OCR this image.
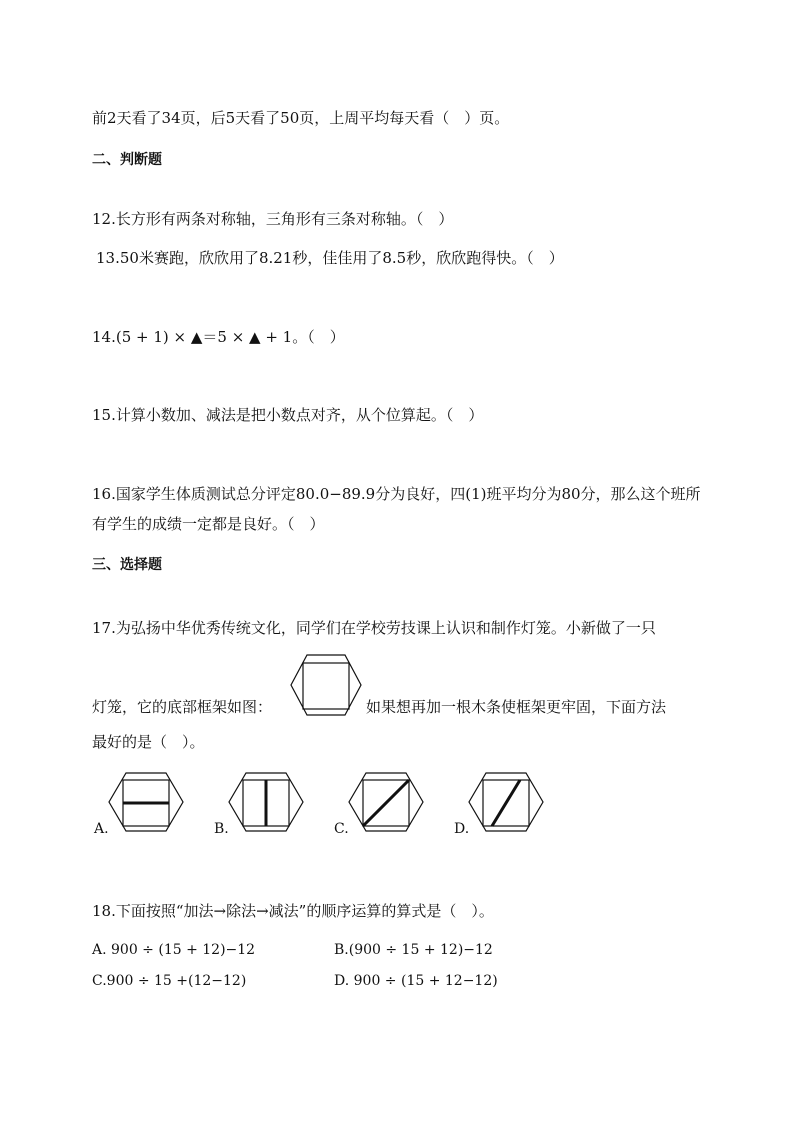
前2天看了34页，后5天看了50页，上周平均每天看（　）页。
二、判断题
12.长方形有两条对称轴，三角形有三条对称轴。（　）
13.50米赛跑，欣欣用了8.21秒，佳佳用了8.5秒，欣欣跑得快。（　）
14.(5 + 1) × ▲＝5 × ▲ + 1。（　）
15.计算小数加、减法是把小数点对齐，从个位算起。（　）
16.国家学生体质测试总分评定80.0−89.9分为良好，四(1)班平均分为80分，那么这个班所
有学生的成绩一定都是良好。（　）
三、选择题
17.为弘扬中华优秀传统文化，同学们在学校劳技课上认识和制作灯笼。小新做了一只
灯笼，它的底部框架如图：	如果想再加一根木条使框架更牢固，下面方法
最好的是（　）。
A.	B.	C.	D.
18.下面按照“加法→除法→减法”的顺序运算的算式是（　）。
A. 900 ÷ (15 + 12)−12	B.(900 ÷ 15 + 12)−12
C.900 ÷ 15 +(12−12)	D. 900 ÷ (15 + 12−12)
